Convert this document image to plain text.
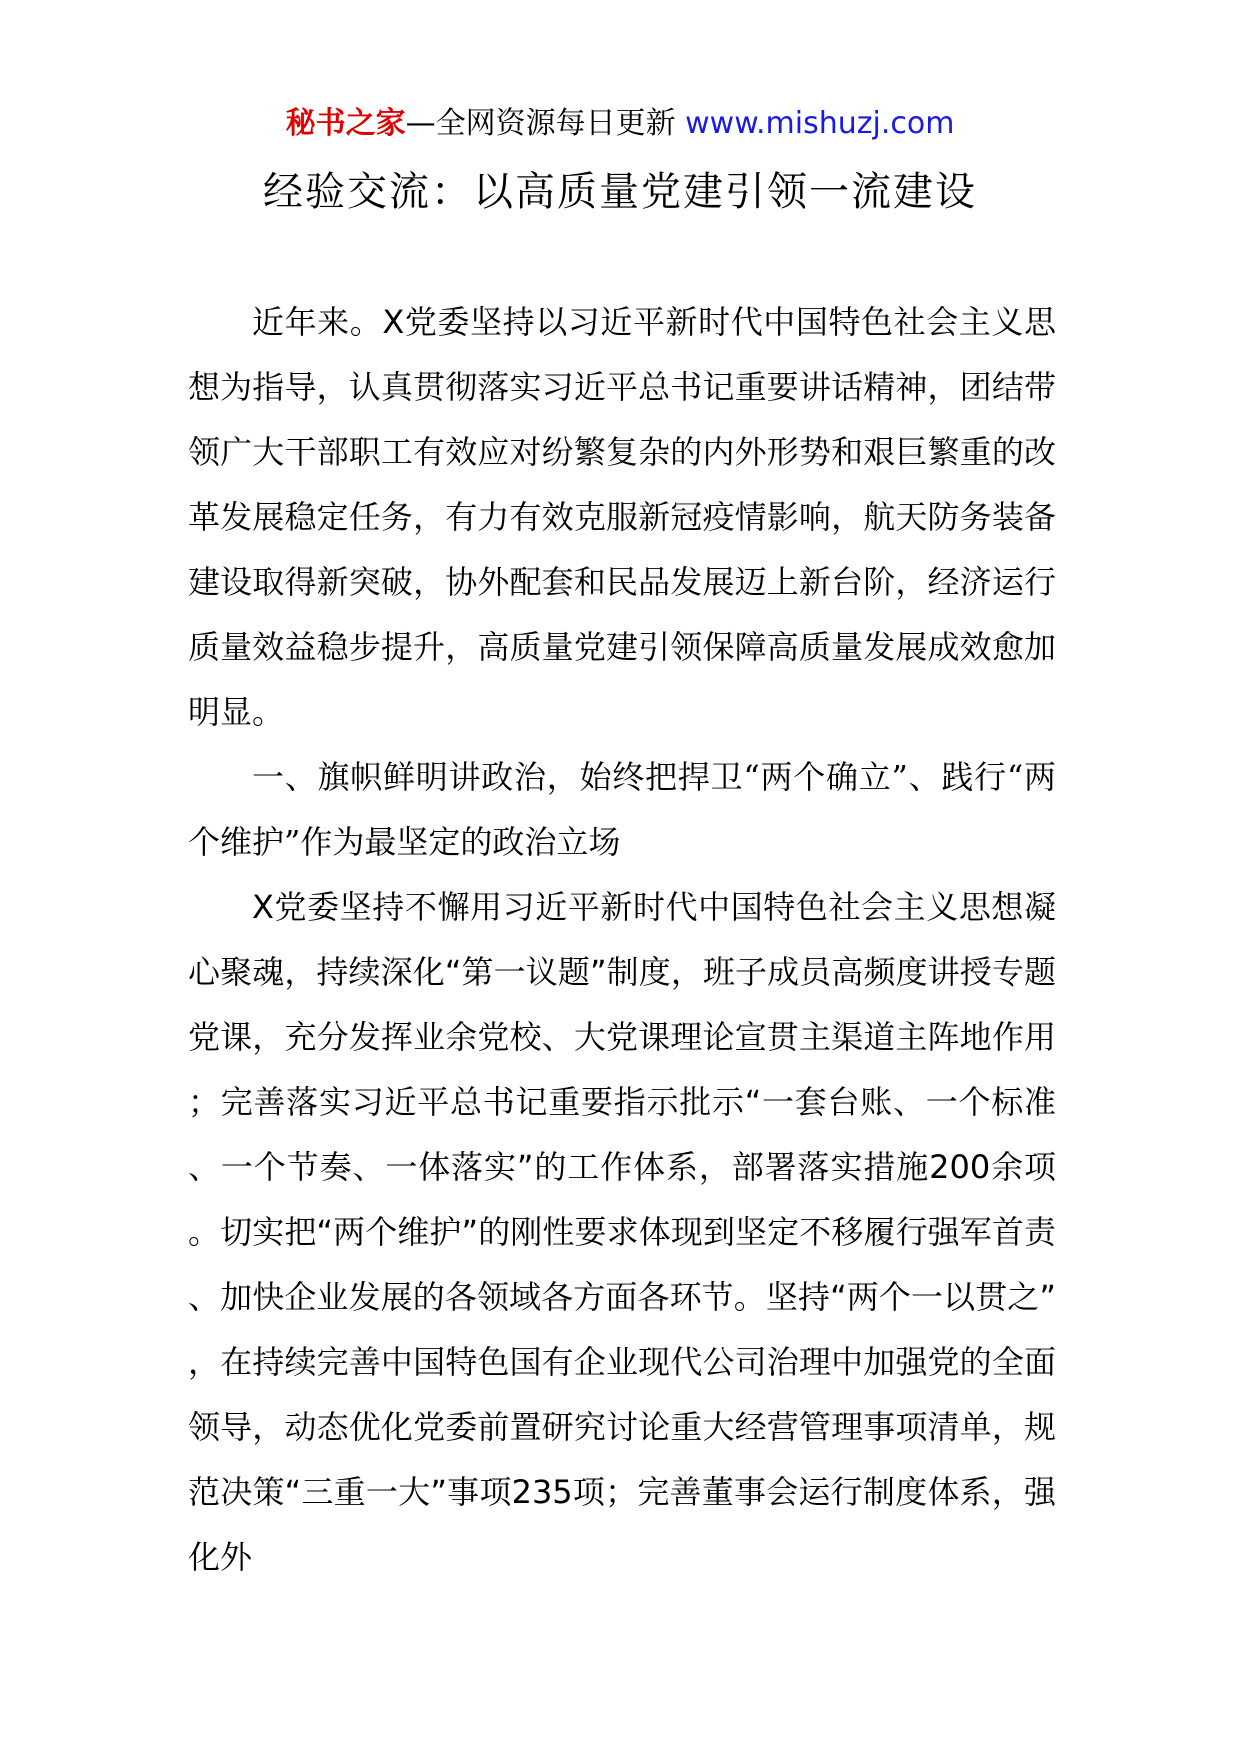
秘书之家—全网资源每日更新 www.mishuzj.com
经验交流：以高质量党建引领一流建设

近年来。X党委坚持以习近平新时代中国特色社会主义思想为指导，认真贯彻落实习近平总书记重要讲话精神，团结带领广大干部职工有效应对纷繁复杂的内外形势和艰巨繁重的改革发展稳定任务，有力有效克服新冠疫情影响，航天防务装备建设取得新突破，协外配套和民品发展迈上新台阶，经济运行质量效益稳步提升，高质量党建引领保障高质量发展成效愈加明显。

一、旗帜鲜明讲政治，始终把捍卫“两个确立”、践行“两个维护”作为最坚定的政治立场

X党委坚持不懈用习近平新时代中国特色社会主义思想凝心聚魂，持续深化“第一议题”制度，班子成员高频度讲授专题党课，充分发挥业余党校、大党课理论宣贯主渠道主阵地作用；完善落实习近平总书记重要指示批示“一套台账、一个标准、一个节奏、一体落实”的工作体系，部署落实措施200余项。切实把“两个维护”的刚性要求体现到坚定不移履行强军首责、加快企业发展的各领域各方面各环节。坚持“两个一以贯之”，在持续完善中国特色国有企业现代公司治理中加强党的全面领导，动态优化党委前置研究讨论重大经营管理事项清单，规范决策“三重一大”事项235项；完善董事会运行制度体系，强化外
